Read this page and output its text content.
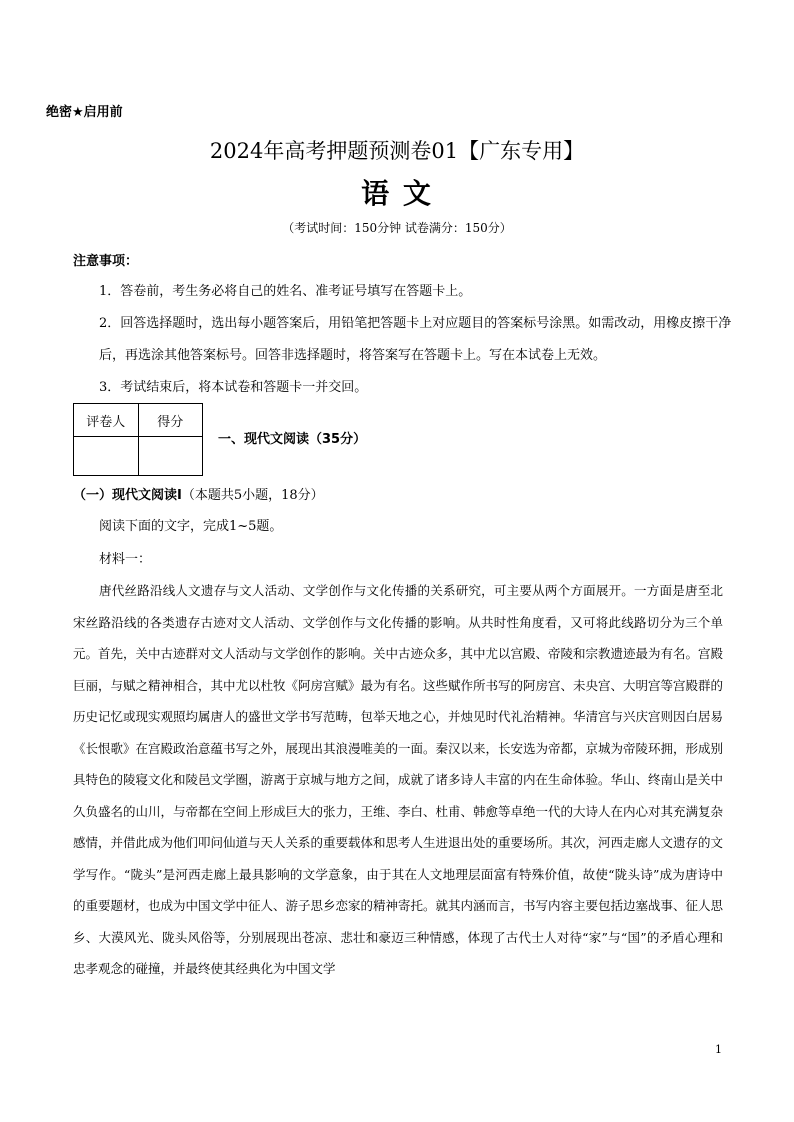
绝密★启用前
2024年高考押题预测卷01【广东专用】
语 文
（考试时间：150分钟 试卷满分：150分）
注意事项：
1．答卷前，考生务必将自己的姓名、准考证号填写在答题卡上。
2．回答选择题时，选出每小题答案后，用铅笔把答题卡上对应题目的答案标号涂黑。如需改动，用橡皮擦干净后，再选涂其他答案标号。回答非选择题时，将答案写在答题卡上。写在本试卷上无效。
3．考试结束后，将本试卷和答题卡一并交回。
评卷人	得分

一、现代文阅读（35分）
（一）现代文阅读Ⅰ（本题共5小题，18分）
阅读下面的文字，完成1~5题。
材料一：

唐代丝路沿线人文遗存与文人活动、文学创作与文化传播的关系研究，可主要从两个方面展开。一方面是唐至北宋丝路沿线的各类遗存古迹对文人活动、文学创作与文化传播的影响。从共时性角度看，又可将此线路切分为三个单元。首先，关中古迹群对文人活动与文学创作的影响。关中古迹众多，其中尤以宫殿、帝陵和宗教遗迹最为有名。宫殿巨丽，与赋之精神相合，其中尤以杜牧《阿房宫赋》最为有名。这些赋作所书写的阿房宫、未央宫、大明宫等宫殿群的历史记忆或现实观照均属唐人的盛世文学书写范畴，包举天地之心，并烛见时代礼治精神。华清宫与兴庆宫则因白居易《长恨歌》在宫殿政治意蕴书写之外，展现出其浪漫唯美的一面。秦汉以来，长安选为帝都，京城为帝陵环拥，形成别具特色的陵寝文化和陵邑文学圈，游离于京城与地方之间，成就了诸多诗人丰富的内在生命体验。华山、终南山是关中久负盛名的山川，与帝都在空间上形成巨大的张力，王维、李白、杜甫、韩愈等卓绝一代的大诗人在内心对其充满复杂感情，并借此成为他们叩问仙道与天人关系的重要载体和思考人生进退出处的重要场所。其次，河西走廊人文遗存的文学写作。“陇头”是河西走廊上最具影响的文学意象，由于其在人文地理层面富有特殊价值，故使“陇头诗”成为唐诗中的重要题材，也成为中国文学中征人、游子思乡恋家的精神寄托。就其内涵而言，书写内容主要包括边塞战事、征人思乡、大漠风光、陇头风俗等，分别展现出苍凉、悲壮和豪迈三种情感，体现了古代士人对待“家”与“国”的矛盾心理和忠孝观念的碰撞，并最终使其经典化为中国文学

1
